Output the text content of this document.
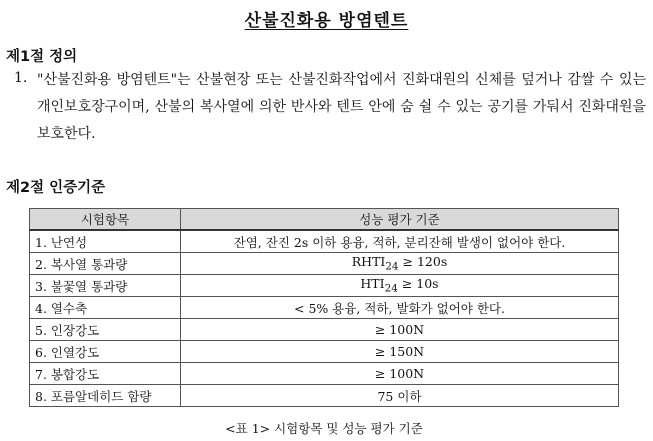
산불진화용 방염텐트
제1절 정의
1. "산불진화용 방염텐트"는 산불현장 또는 산불진화작업에서 진화대원의 신체를 덮거나 감쌀 수 있는 개인보호장구이며, 산불의 복사열에 의한 반사와 텐트 안에 숨 쉴 수 있는 공기를 가둬서 진화대원을 보호한다.
제2절 인증기준
시험항목	성능 평가 기준
1. 난연성	잔염, 잔진 2s 이하 용융, 적하, 분리잔해 발생이 없어야 한다.
2. 복사열 통과량	$RHTI_{24} \ge 120s$
3. 불꽃열 통과량	$HTI_{24} \ge 10s$
4. 열수축	< 5% 용융, 적하, 발화가 없어야 한다.
5. 인장강도	≥ 100N
6. 인열강도	≥ 150N
7. 봉합강도	≥ 100N
8. 포름알데히드 함량	75 이하
<표 1> 시험항목 및 성능 평가 기준
